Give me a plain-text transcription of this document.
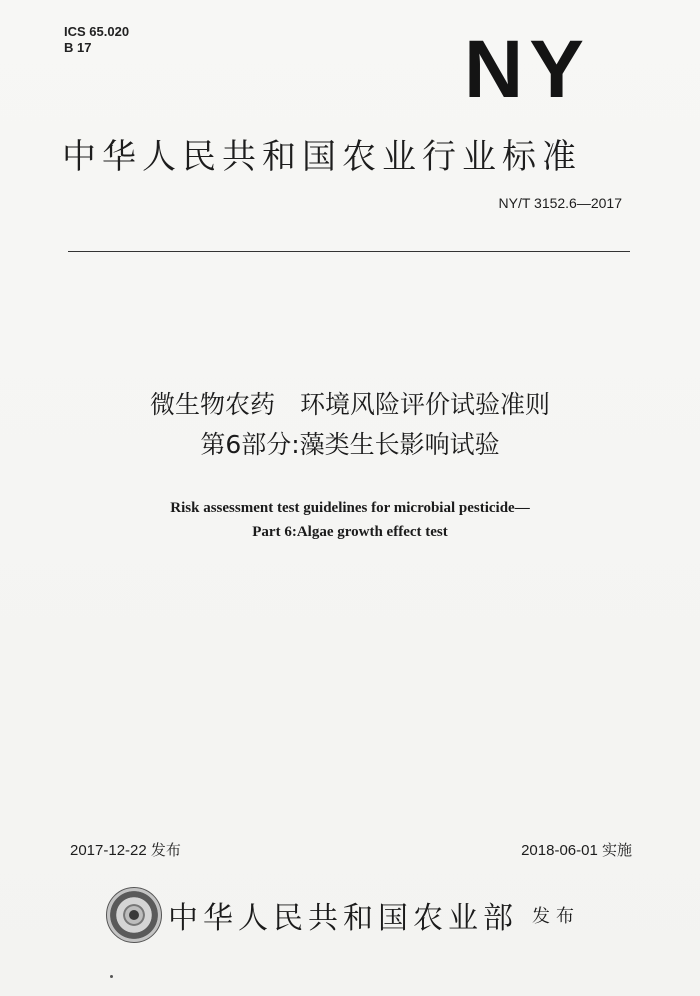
ICS 65.020
B 17	NY
中华人民共和国农业行业标准
NY/T 3152.6—2017
微生物农药　环境风险评价试验准则
第6部分:藻类生长影响试验
Risk assessment test guidelines for microbial pesticide—
Part 6:Algae growth effect test
2017-12-22 发布	2018-06-01 实施
中华人民共和国农业部 发布
